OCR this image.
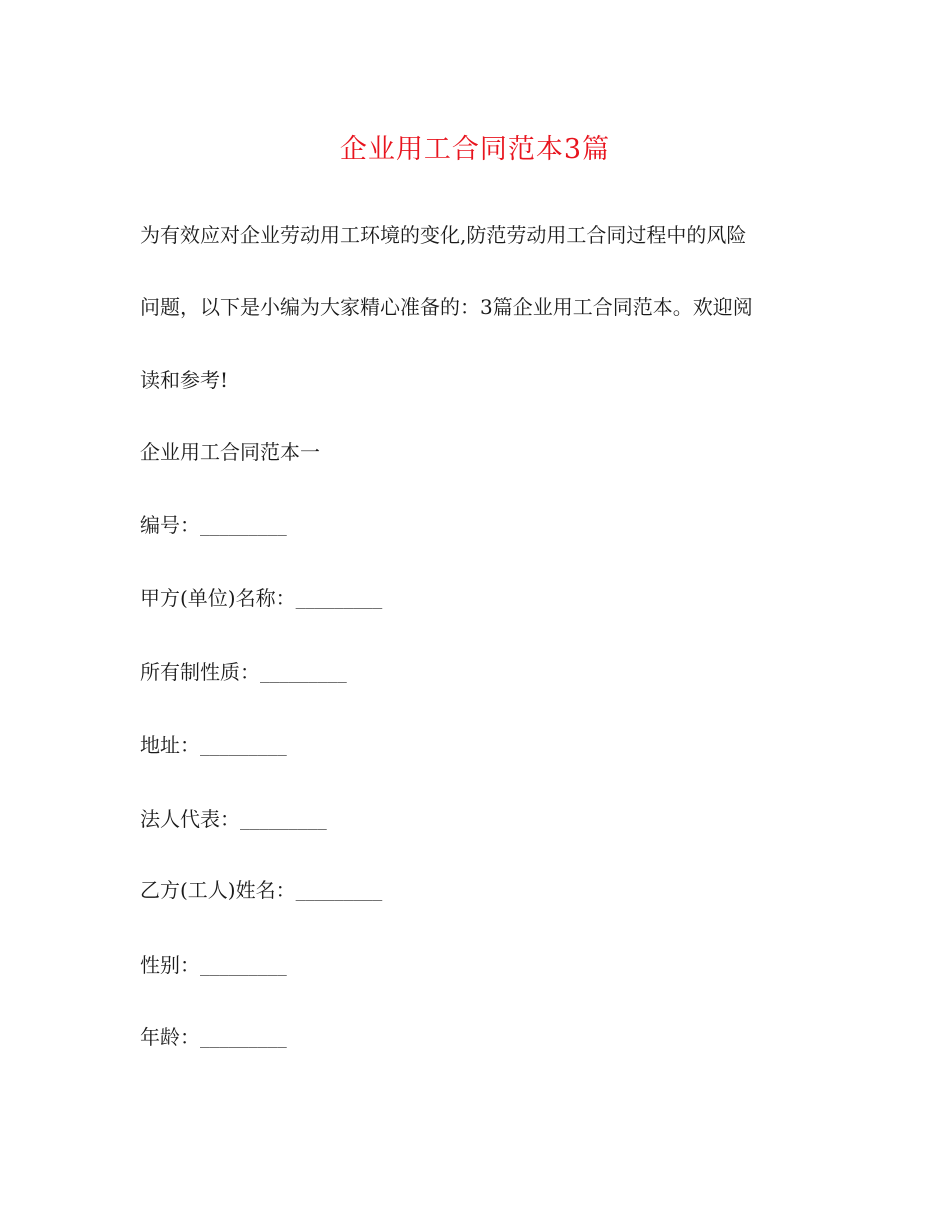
企业用工合同范本3篇
为有效应对企业劳动用工环境的变化,防范劳动用工合同过程中的风险
问题，以下是小编为大家精心准备的：3篇企业用工合同范本。欢迎阅
读和参考!
企业用工合同范本一
编号：_________
甲方(单位)名称：_________
所有制性质：_________
地址：_________
法人代表：_________
乙方(工人)姓名：_________
性别：_________
年龄：_________
